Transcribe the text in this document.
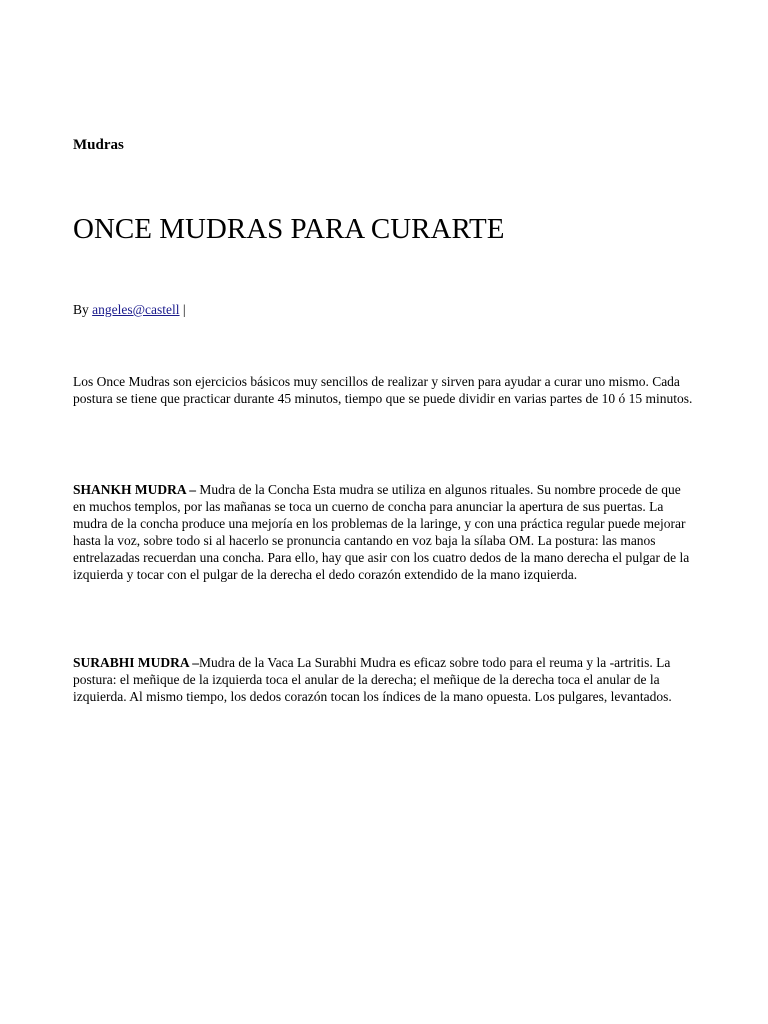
Mudras
ONCE MUDRAS PARA CURARTE

By angeles@castell |

Los Once Mudras son ejercicios básicos muy sencillos de realizar y sirven para ayudar a curar uno mismo. Cada postura se tiene que practicar durante 45 minutos, tiempo que se puede dividir en varias partes de 10 ó 15 minutos.

SHANKH MUDRA – Mudra de la Concha Esta mudra se utiliza en algunos rituales. Su nombre procede de que en muchos templos, por las mañanas se toca un cuerno de concha para anunciar la apertura de sus puertas. La mudra de la concha produce una mejoría en los problemas de la laringe, y con una práctica regular puede mejorar hasta la voz, sobre todo si al hacerlo se pronuncia cantando en voz baja la sílaba OM. La postura: las manos entrelazadas recuerdan una concha. Para ello, hay que asir con los cuatro dedos de la mano derecha el pulgar de la izquierda y tocar con el pulgar de la derecha el dedo corazón extendido de la mano izquierda.

SURABHI MUDRA –Mudra de la Vaca La Surabhi Mudra es eficaz sobre todo para el reuma y la -artritis. La postura: el meñique de la izquierda toca el anular de la derecha; el meñique de la derecha toca el anular de la izquierda. Al mismo tiempo, los dedos corazón tocan los índices de la mano opuesta. Los pulgares, levantados.
